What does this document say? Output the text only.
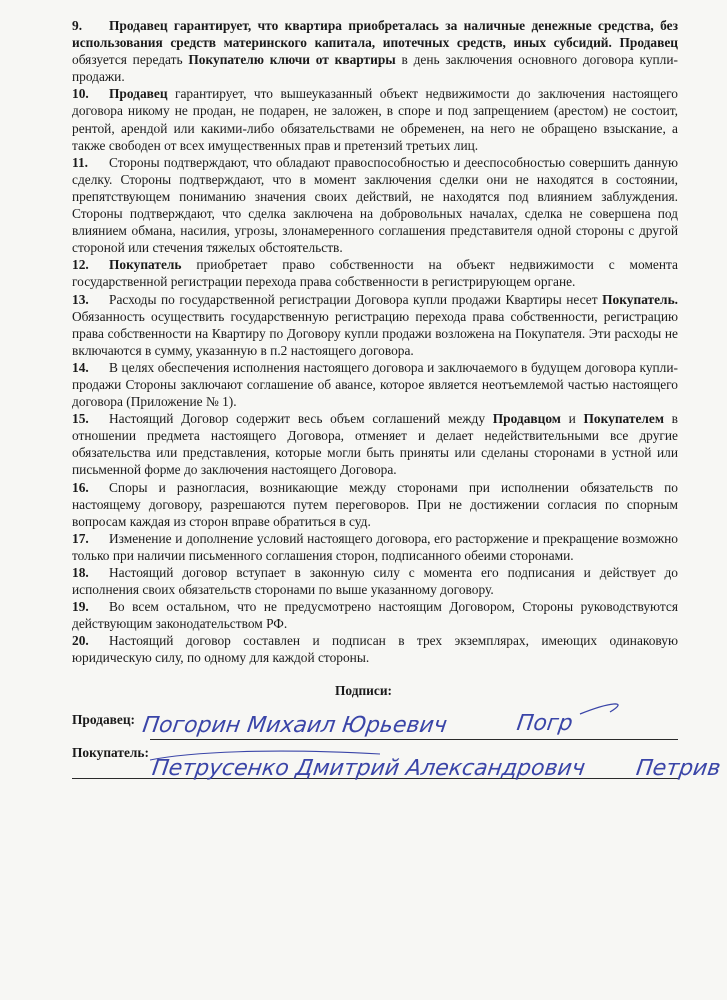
9. Продавец гарантирует, что квартира приобреталась за наличные денежные средства, без использования средств материнского капитала, ипотечных средств, иных субсидий. Продавец обязуется передать Покупателю ключи от квартиры в день заключения основного договора купли-продажи.

10. Продавец гарантирует, что вышеуказанный объект недвижимости до заключения настоящего договора никому не продан, не подарен, не заложен, в споре и под запрещением (арестом) не состоит, рентой, арендой или какими-либо обязательствами не обременен, на него не обращено взыскание, а также свободен от всех имущественных прав и претензий третьих лиц.

11. Стороны подтверждают, что обладают правоспособностью и дееспособностью совершить данную сделку. Стороны подтверждают, что в момент заключения сделки они не находятся в состоянии, препятствующем пониманию значения своих действий, не находятся под влиянием заблуждения. Стороны подтверждают, что сделка заключена на добровольных началах, сделка не совершена под влиянием обмана, насилия, угрозы, злонамеренного соглашения представителя одной стороны с другой стороной или стечения тяжелых обстоятельств.

12. Покупатель приобретает право собственности на объект недвижимости с момента государственной регистрации перехода права собственности в регистрирующем органе.

13. Расходы по государственной регистрации Договора купли продажи Квартиры несет Покупатель. Обязанность осуществить государственную регистрацию перехода права собственности, регистрацию права собственности на Квартиру по Договору купли продажи возложена на Покупателя. Эти расходы не включаются в сумму, указанную в п.2 настоящего договора.

14. В целях обеспечения исполнения настоящего договора и заключаемого в будущем договора купли-продажи Стороны заключают соглашение об авансе, которое является неотъемлемой частью настоящего договора (Приложение № 1).

15. Настоящий Договор содержит весь объем соглашений между Продавцом и Покупателем в отношении предмета настоящего Договора, отменяет и делает недействительными все другие обязательства или представления, которые могли быть приняты или сделаны сторонами в устной или письменной форме до заключения настоящего Договора.

16. Споры и разногласия, возникающие между сторонами при исполнении обязательств по настоящему договору, разрешаются путем переговоров. При не достижении согласия по спорным вопросам каждая из сторон вправе обратиться в суд.

17. Изменение и дополнение условий настоящего договора, его расторжение и прекращение возможно только при наличии письменного соглашения сторон, подписанного обеими сторонами.

18. Настоящий договор вступает в законную силу с момента его подписания и действует до исполнения своих обязательств сторонами по выше указанному договору.

19. Во всем остальном, что не предусмотрено настоящим Договором, Стороны руководствуются действующим законодательством РФ.

20. Настоящий договор составлен и подписан в трех экземплярах, имеющих одинаковую юридическую силу, по одному для каждой стороны.

Подписи:
Продавец: Погорин Михаил Юрьевич	Погр
Покупатель:
Петрусенко Дмитрий Александрович Петрив
